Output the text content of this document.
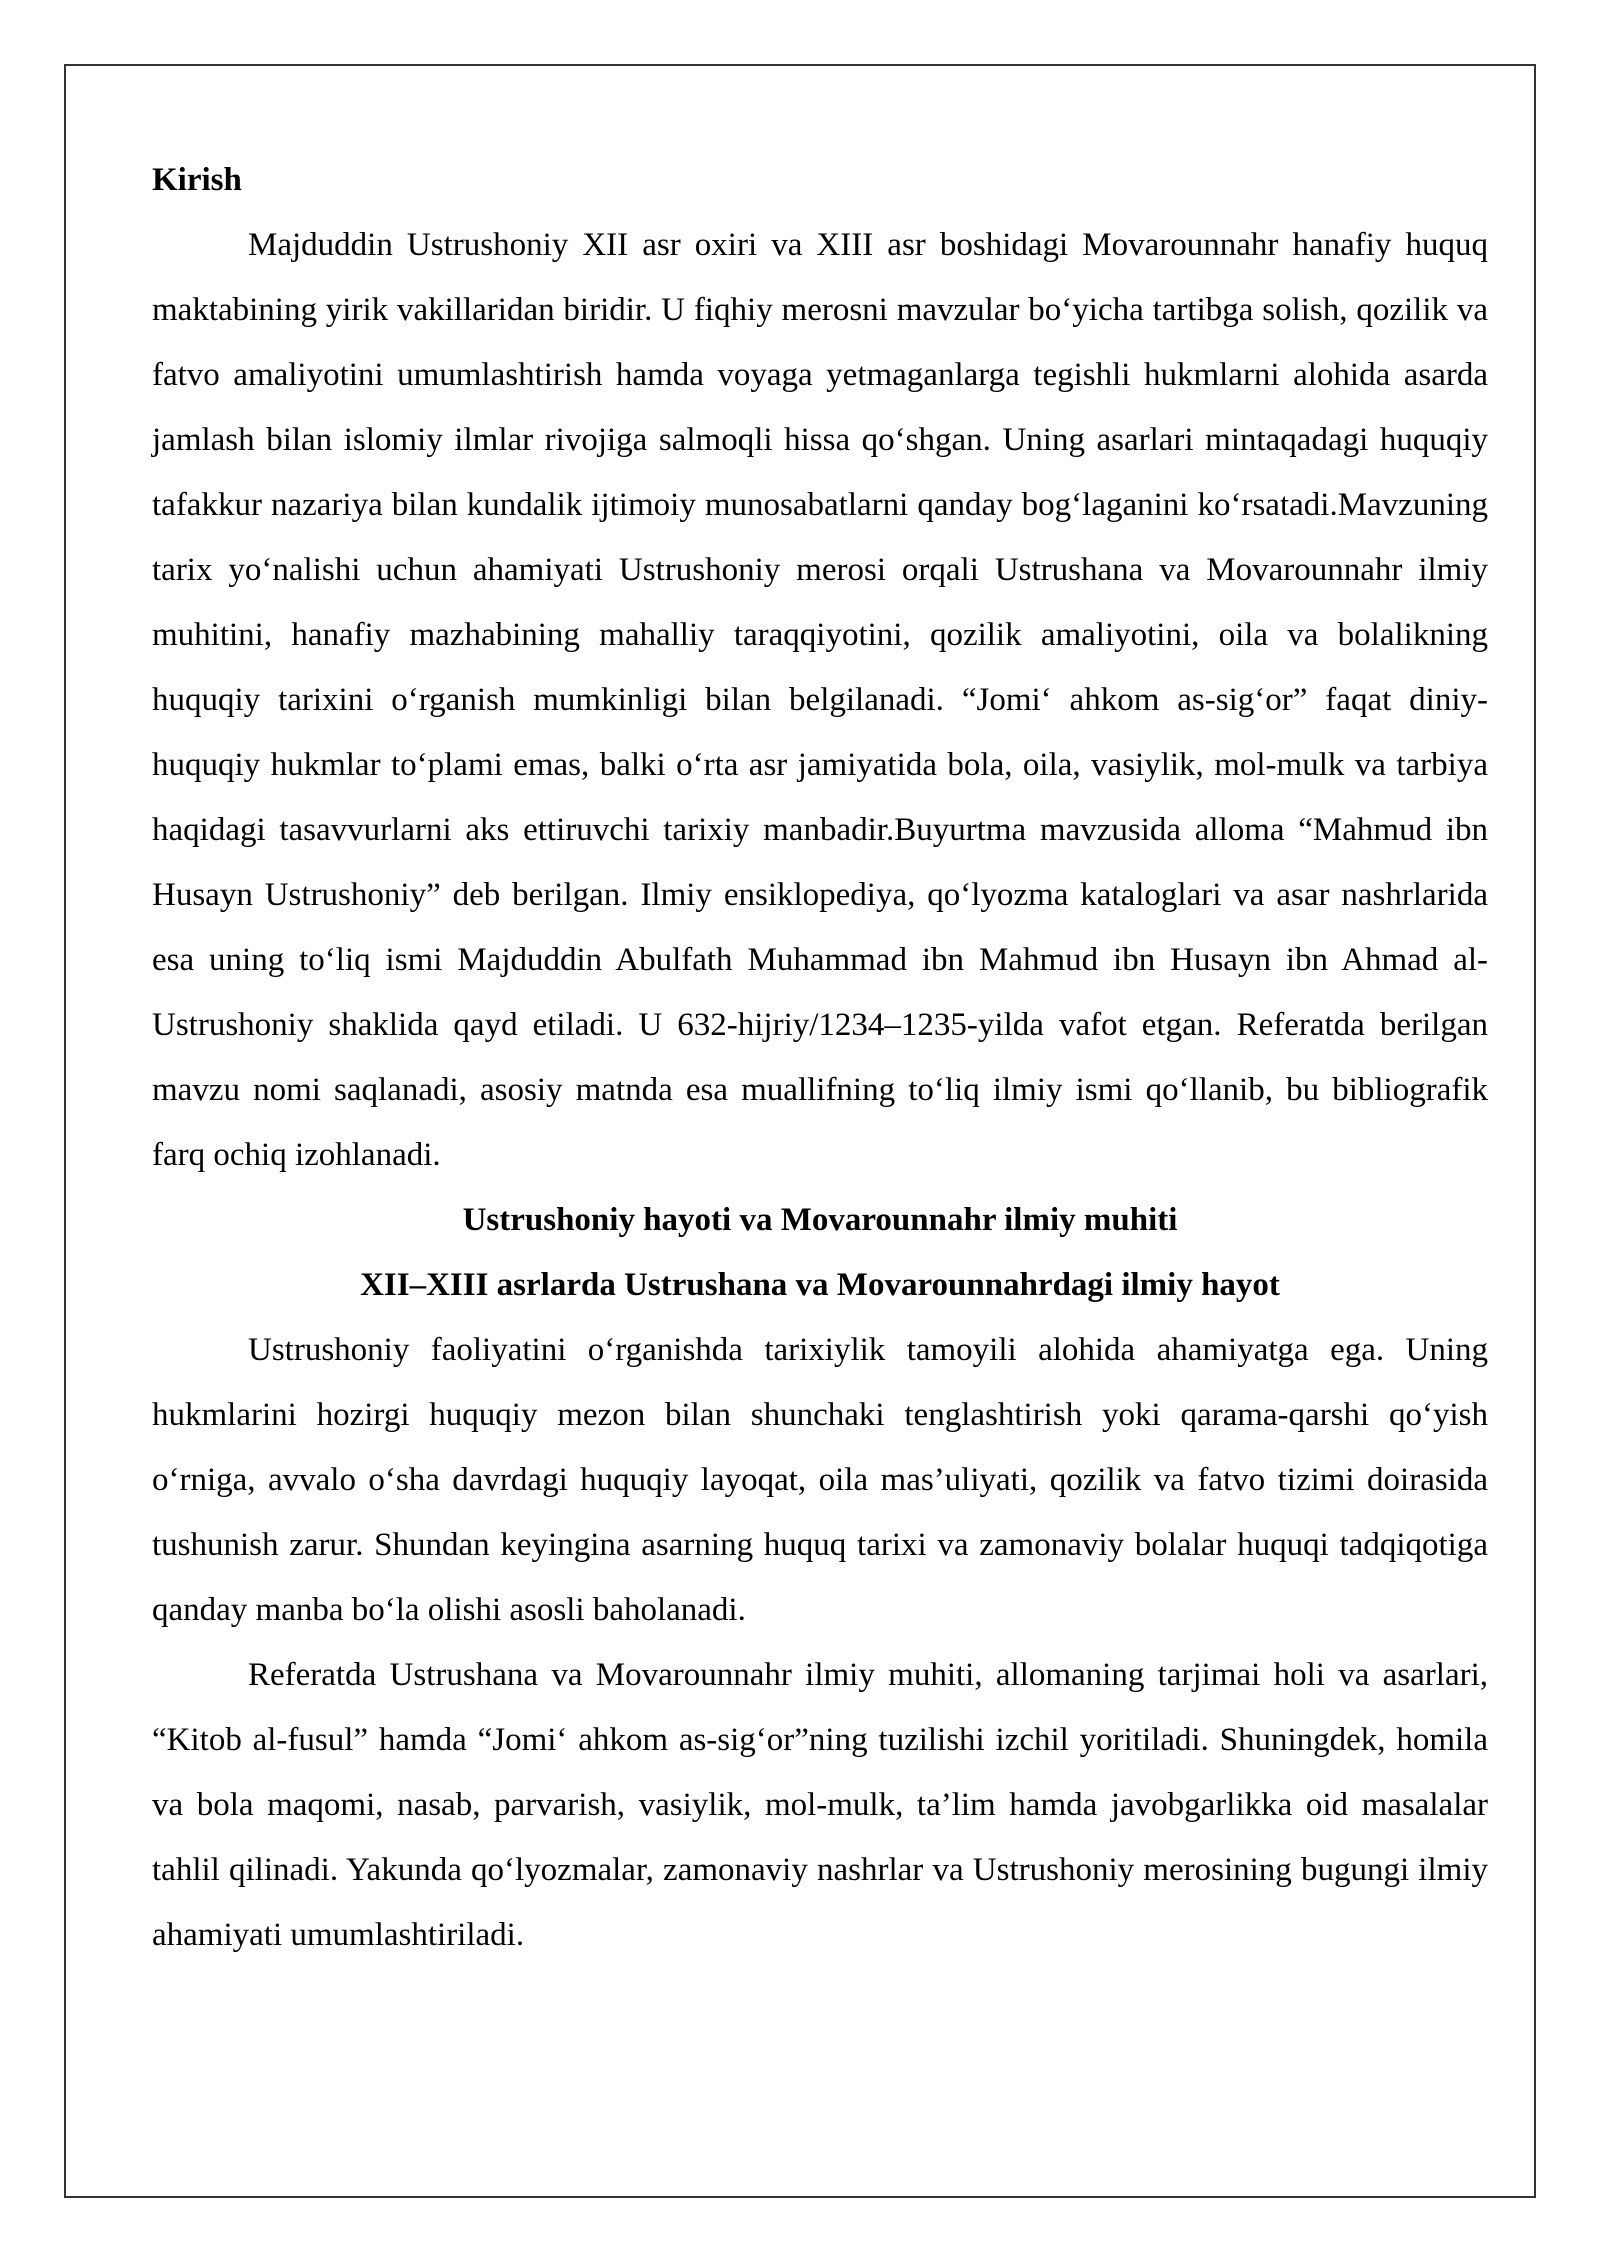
Kirish

Majduddin Ustrushoniy XII asr oxiri va XIII asr boshidagi Movarounnahr hanafiy huquq maktabining yirik vakillaridan biridir. U fiqhiy merosni mavzular bo‘yicha tartibga solish, qozilik va fatvo amaliyotini umumlashtirish hamda voyaga yetmaganlarga tegishli hukmlarni alohida asarda jamlash bilan islomiy ilmlar rivojiga salmoqli hissa qo‘shgan. Uning asarlari mintaqadagi huquqiy tafakkur nazariya bilan kundalik ijtimoiy munosabatlarni qanday bog‘laganini ko‘rsatadi.Mavzuning tarix yo‘nalishi uchun ahamiyati Ustrushoniy merosi orqali Ustrushana va Movarounnahr ilmiy muhitini, hanafiy mazhabining mahalliy taraqqiyotini, qozilik amaliyotini, oila va bolalikning huquqiy tarixini o‘rganish mumkinligi bilan belgilanadi. “Jomi‘ ahkom as-sig‘or” faqat diniy-huquqiy hukmlar to‘plami emas, balki o‘rta asr jamiyatida bola, oila, vasiylik, mol-mulk va tarbiya haqidagi tasavvurlarni aks ettiruvchi tarixiy manbadir.Buyurtma mavzusida alloma “Mahmud ibn Husayn Ustrushoniy” deb berilgan. Ilmiy ensiklopediya, qo‘lyozma kataloglari va asar nashrlarida esa uning to‘liq ismi Majduddin Abulfath Muhammad ibn Mahmud ibn Husayn ibn Ahmad al-Ustrushoniy shaklida qayd etiladi. U 632-hijriy/1234–1235-yilda vafot etgan. Referatda berilgan mavzu nomi saqlanadi, asosiy matnda esa muallifning to‘liq ilmiy ismi qo‘llanib, bu bibliografik farq ochiq izohlanadi.

Ustrushoniy hayoti va Movarounnahr ilmiy muhiti

XII–XIII asrlarda Ustrushana va Movarounnahrdagi ilmiy hayot

Ustrushoniy faoliyatini o‘rganishda tarixiylik tamoyili alohida ahamiyatga ega. Uning hukmlarini hozirgi huquqiy mezon bilan shunchaki tenglashtirish yoki qarama-qarshi qo‘yish o‘rniga, avvalo o‘sha davrdagi huquqiy layoqat, oila mas’uliyati, qozilik va fatvo tizimi doirasida tushunish zarur. Shundan keyingina asarning huquq tarixi va zamonaviy bolalar huquqi tadqiqotiga qanday manba bo‘la olishi asosli baholanadi.

Referatda Ustrushana va Movarounnahr ilmiy muhiti, allomaning tarjimai holi va asarlari, “Kitob al-fusul” hamda “Jomi‘ ahkom as-sig‘or”ning tuzilishi izchil yoritiladi. Shuningdek, homila va bola maqomi, nasab, parvarish, vasiylik, mol-mulk, ta’lim hamda javobgarlikka oid masalalar tahlil qilinadi. Yakunda qo‘lyozmalar, zamonaviy nashrlar va Ustrushoniy merosining bugungi ilmiy ahamiyati umumlashtiriladi.
